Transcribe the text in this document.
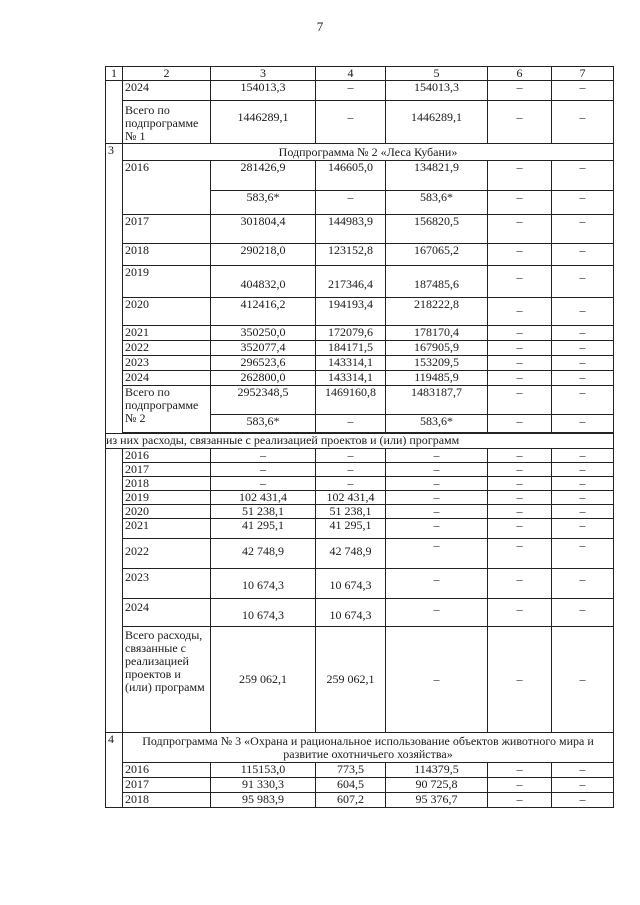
7
1	2	3	4	5	6	7
	2024	154013,3	–	154013,3	–	–
	Всего по подпрограмме № 1	1446289,1	–	1446289,1	–	–
3	Подпрограмма № 2 «Леса Кубани»					
	2016	281426,9	146605,0	134821,9	–	–
		583,6*	–	583,6*	–	–
	2017	301804,4	144983,9	156820,5	–	–
	2018	290218,0	123152,8	167065,2	–	–
	2019	404832,0	217346,4	187485,6	–	–
	2020	412416,2	194193,4	218222,8	–	–
	2021	350250,0	172079,6	178170,4	–	–
	2022	352077,4	184171,5	167905,9	–	–
	2023	296523,6	143314,1	153209,5	–	–
	2024	262800,0	143314,1	119485,9	–	–
	Всего по подпрограмме № 2	2952348,5	1469160,8	1483187,7	–	–
		583,6*	–	583,6*	–	–

из них расходы, связанные с реализацией проектов и (или) программ						
	2016	–	–	–	–	–
	2017	–	–	–	–	–
	2018	–	–	–	–	–
	2019	102 431,4	102 431,4	–	–	–
	2020	51 238,1	51 238,1	–	–	–
	2021	41 295,1	41 295,1	–	–	–
	2022	42 748,9	42 748,9	–	–	–
	2023	10 674,3	10 674,3	–	–	–
	2024	10 674,3	10 674,3	–	–	–
	Всего расходы, связанные с реализацией проектов и (или) программ	259 062,1	259 062,1	–	–	–
4	Подпрограмма № 3 «Охрана и рациональное использование объектов животного мира и развитие охотничьего хозяйства»					
	2016	115153,0	773,5	114379,5	–	–
	2017	91 330,3	604,5	90 725,8	–	–
	2018	95 983,9	607,2	95 376,7	–	–
